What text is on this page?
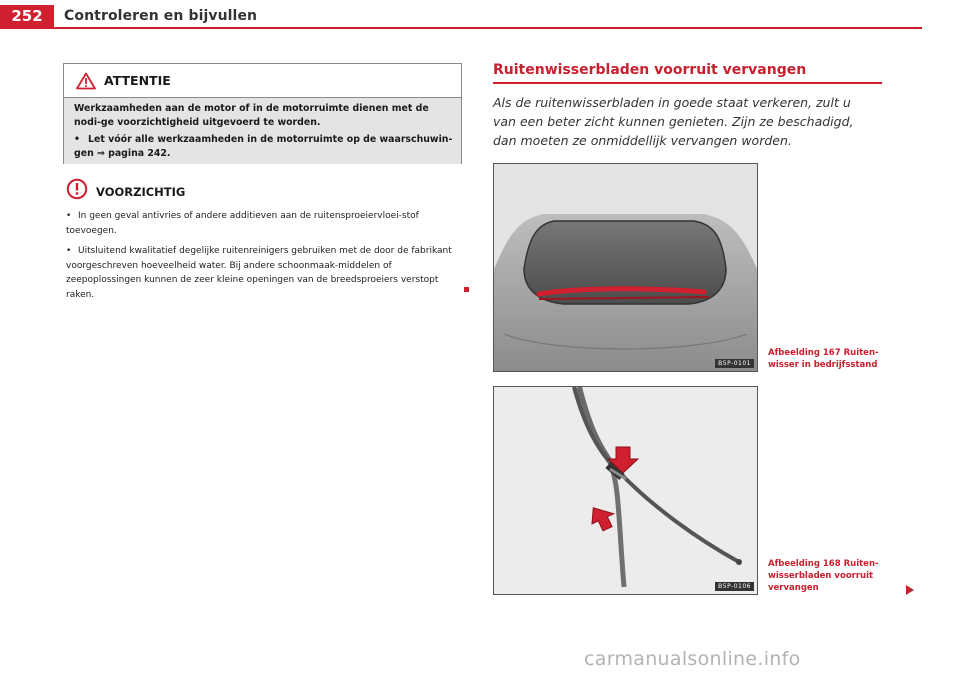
252	Controleren en bijvullen
ATTENTIE

Werkzaamheden aan de motor of in de motorruimte dienen met de nodi-ge voorzichtigheid uitgevoerd te worden.

• Let vóór alle werkzaamheden in de motorruimte op de waarschuwin-gen ⇒ pagina 242.

VOORZICHTIG

• In geen geval antivries of andere additieven aan de ruitensproeiervloei-stof toevoegen.

• Uitsluitend kwalitatief degelijke ruitenreinigers gebruiken met de door de fabrikant voorgeschreven hoeveelheid water. Bij andere schoonmaak-middelen of zeepoplossingen kunnen de zeer kleine openingen van de breedsproeiers verstopt raken.

Ruitenwisserbladen voorruit vervangen
Als de ruitenwisserbladen in goede staat verkeren, zult u van een beter zicht kunnen genieten. Zijn ze beschadigd, dan moeten ze onmiddellijk vervangen worden.
B5P-0101
Afbeelding 167 Ruiten-wisser in bedrijfsstand
B5P-0106
Afbeelding 168 Ruiten-wisserbladen voorruit vervangen
carmanualsonline.info
